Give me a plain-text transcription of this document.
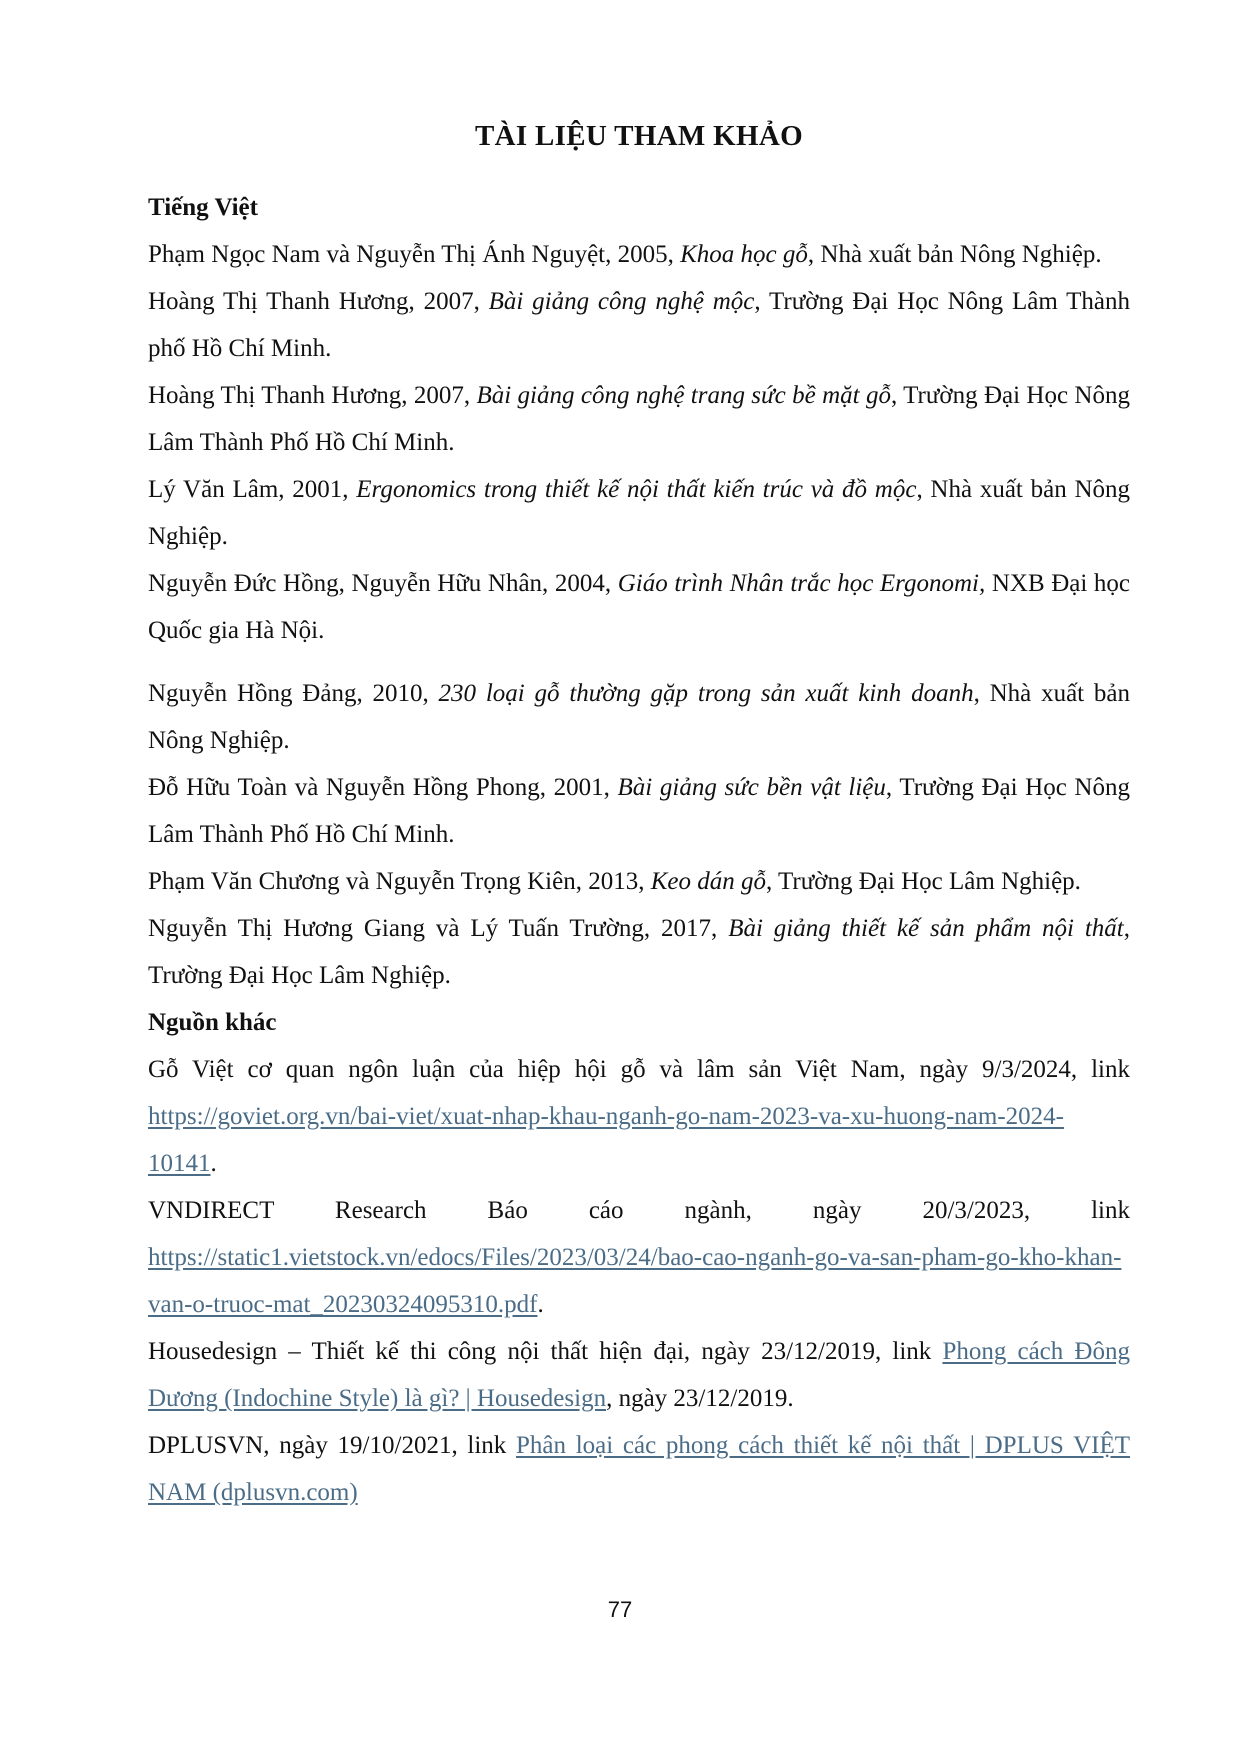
TÀI LIỆU THAM KHẢO

Tiếng Việt

Phạm Ngọc Nam và Nguyễn Thị Ánh Nguyệt, 2005, Khoa học gỗ, Nhà xuất bản Nông Nghiệp.

Hoàng Thị Thanh Hương, 2007, Bài giảng công nghệ mộc, Trường Đại Học Nông Lâm Thành phố Hồ Chí Minh.

Hoàng Thị Thanh Hương, 2007, Bài giảng công nghệ trang sức bề mặt gỗ, Trường Đại Học Nông Lâm Thành Phố Hồ Chí Minh.

Lý Văn Lâm, 2001, Ergonomics trong thiết kế nội thất kiến trúc và đồ mộc, Nhà xuất bản Nông Nghiệp.

Nguyễn Đức Hồng, Nguyễn Hữu Nhân, 2004, Giáo trình Nhân trắc học Ergonomi, NXB Đại học Quốc gia Hà Nội.

Nguyễn Hồng Đảng, 2010, 230 loại gỗ thường gặp trong sản xuất kinh doanh, Nhà xuất bản Nông Nghiệp.

Đỗ Hữu Toàn và Nguyễn Hồng Phong, 2001, Bài giảng sức bền vật liệu, Trường Đại Học Nông Lâm Thành Phố Hồ Chí Minh.

Phạm Văn Chương và Nguyễn Trọng Kiên, 2013, Keo dán gỗ, Trường Đại Học Lâm Nghiệp.

Nguyễn Thị Hương Giang và Lý Tuấn Trường, 2017, Bài giảng thiết kế sản phẩm nội thất, Trường Đại Học Lâm Nghiệp.

Nguồn khác

Gỗ Việt cơ quan ngôn luận của hiệp hội gỗ và lâm sản Việt Nam, ngày 9/3/2024, link https://goviet.org.vn/bai-viet/xuat-nhap-khau-nganh-go-nam-2023-va-xu-huong-nam-2024-10141.

VNDIRECT Research Báo cáo ngành, ngày 20/3/2023, link https://static1.vietstock.vn/edocs/Files/2023/03/24/bao-cao-nganh-go-va-san-pham-go-kho-khan-van-o-truoc-mat_20230324095310.pdf.

Housedesign – Thiết kế thi công nội thất hiện đại, ngày 23/12/2019, link Phong cách Đông Dương (Indochine Style) là gì? | Housedesign, ngày 23/12/2019.

DPLUSVN, ngày 19/10/2021, link Phân loại các phong cách thiết kế nội thất | DPLUS VIỆT NAM (dplusvn.com)

77
